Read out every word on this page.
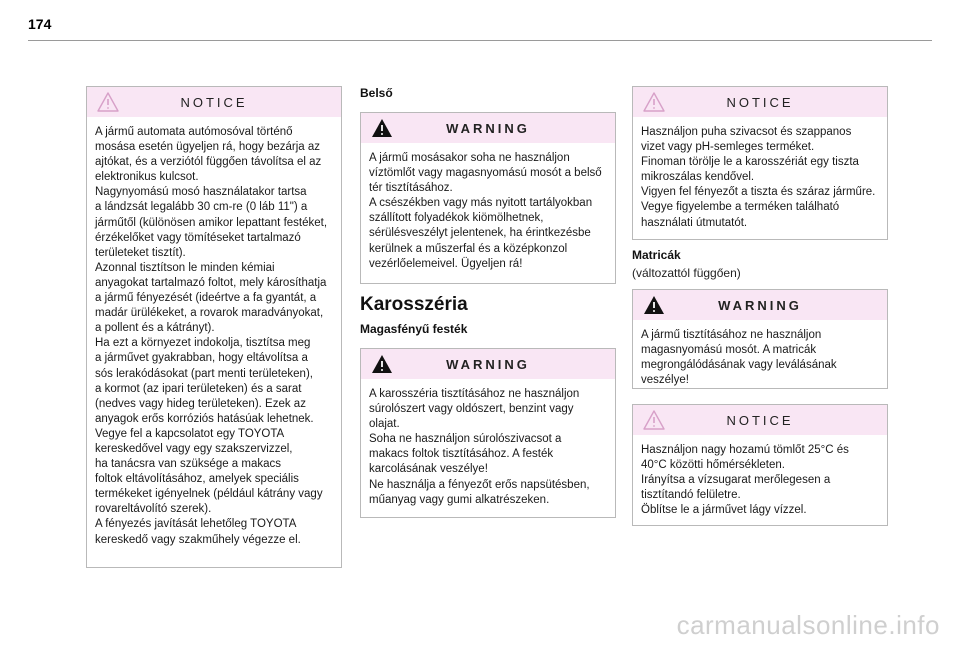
174
NOTICE
A jármű automata autómosóval történő
mosása esetén ügyeljen rá, hogy bezárja az
ajtókat, és a verziótól függően távolítsa el az
elektronikus kulcsot.
Nagynyomású mosó használatakor tartsa
a lándzsát legalább 30 cm-re (0 láb 11") a
járműtől (különösen amikor lepattant festéket,
érzékelőket vagy tömítéseket tartalmazó
területeket tisztít).
Azonnal tisztítson le minden kémiai
anyagokat tartalmazó foltot, mely károsíthatja
a jármű fényezését (ideértve a fa gyantát, a
madár ürülékeket, a rovarok maradványokat,
a pollent és a kátrányt).
Ha ezt a környezet indokolja, tisztítsa meg
a járművet gyakrabban, hogy eltávolítsa a
sós lerakódásokat (part menti területeken),
a kormot (az ipari területeken) és a sarat
(nedves vagy hideg területeken). Ezek az
anyagok erős korróziós hatásúak lehetnek.
Vegye fel a kapcsolatot egy TOYOTA
kereskedővel vagy egy szakszervizzel,
ha tanácsra van szüksége a makacs
foltok eltávolításához, amelyek speciális
termékeket igényelnek (például kátrány vagy
rovareltávolító szerek).
A fényezés javítását lehetőleg TOYOTA
kereskedő vagy szakműhely végezze el.
Belső
WARNING
A jármű mosásakor soha ne használjon
víztömlőt vagy magasnyomású mosót a belső
tér tisztításához.
A csészékben vagy más nyitott tartályokban
szállított folyadékok kiömölhetnek,
sérülésveszélyt jelentenek, ha érintkezésbe
kerülnek a műszerfal és a középkonzol
vezérlőelemeivel. Ügyeljen rá!
Karosszéria
Magasfényű festék
WARNING
A karosszéria tisztításához ne használjon
súrolószert vagy oldószert, benzint vagy
olajat.
Soha ne használjon súrolószivacsot a
makacs foltok tisztításához. A festék
karcolásának veszélye!
Ne használja a fényezőt erős napsütésben,
műanyag vagy gumi alkatrészeken.
NOTICE
Használjon puha szivacsot és szappanos
vizet vagy pH-semleges terméket.
Finoman törölje le a karosszériát egy tiszta
mikroszálas kendővel.
Vigyen fel fényezőt a tiszta és száraz járműre.
Vegye figyelembe a terméken található
használati útmutatót.
Matricák
(változattól függően)
WARNING
A jármű tisztításához ne használjon
magasnyomású mosót. A matricák
megrongálódásának vagy leválásának
veszélye!
NOTICE
Használjon nagy hozamú tömlőt 25°C és
40°C közötti hőmérsékleten.
Irányítsa a vízsugarat merőlegesen a
tisztítandó felületre.
Öblítse le a járművet lágy vízzel.
carmanualsonline.info
